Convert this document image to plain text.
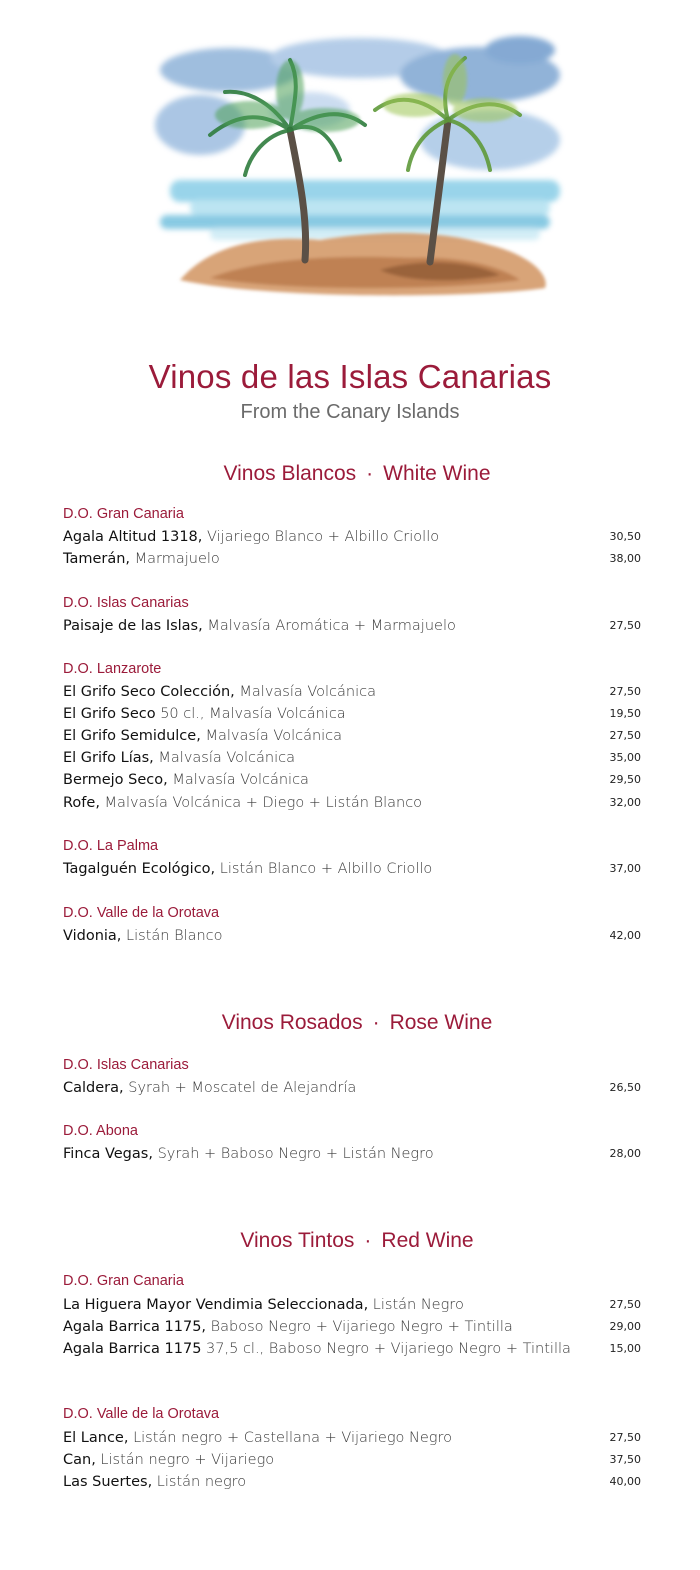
Vinos de las Islas Canarias
From the Canary Islands
Vinos Blancos · White Wine
D.O. Gran Canaria
Agala Altitud 1318, Vijariego Blanco + Albillo Criollo	30,50
Tamerán, Marmajuelo	38,00
D.O. Islas Canarias
Paisaje de las Islas, Malvasía Aromática + Marmajuelo	27,50
D.O. Lanzarote
El Grifo Seco Colección, Malvasía Volcánica	27,50
El Grifo Seco 50 cl., Malvasía Volcánica	19,50
El Grifo Semidulce, Malvasía Volcánica	27,50
El Grifo Lías, Malvasía Volcánica	35,00
Bermejo Seco, Malvasía Volcánica	29,50
Rofe, Malvasía Volcánica + Diego + Listán Blanco	32,00
D.O. La Palma
Tagalguén Ecológico, Listán Blanco + Albillo Criollo	37,00
D.O. Valle de la Orotava
Vidonia, Listán Blanco	42,00
Vinos Rosados · Rose Wine
D.O. Islas Canarias
Caldera, Syrah + Moscatel de Alejandría	26,50
D.O. Abona
Finca Vegas, Syrah + Baboso Negro + Listán Negro	28,00
Vinos Tintos · Red Wine
D.O. Gran Canaria
La Higuera Mayor Vendimia Seleccionada, Listán Negro	27,50
Agala Barrica 1175, Baboso Negro + Vijariego Negro + Tintilla	29,00
Agala Barrica 1175 37,5 cl., Baboso Negro + Vijariego Negro + Tintilla	15,00
D.O. Valle de la Orotava
El Lance, Listán negro + Castellana + Vijariego Negro	27,50
Can, Listán negro + Vijariego	37,50
Las Suertes, Listán negro	40,00
